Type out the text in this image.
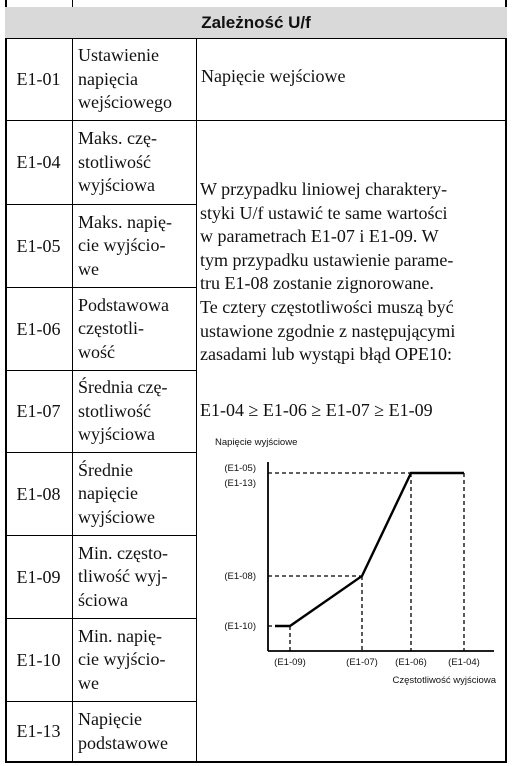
Zależność U/f
E1-01
E1-04
E1-05
E1-06
E1-07
E1-08
E1-09
E1-10
E1-13
Ustawienie
napięcia
wejściowego
Maks. czę-
stotliwość
wyjściowa
Maks. napię-
cie wyjścio-
we
Podstawowa
częstotli-
wość
Średnia czę-
stotliwość
wyjściowa
Średnie
napięcie
wyjściowe
Min. często-
tliwość wyj-
ściowa
Min. napię-
cie wyjścio-
we
Napięcie
podstawowe
Napięcie wejściowe

W przypadku liniowej charaktery-

styki U/f ustawić te same wartości

w parametrach E1-07 i E1-09. W

tym przypadku ustawienie parame-

tru E1-08 zostanie zignorowane.

Te cztery częstotliwości muszą być

ustawione zgodnie z następującymi

zasadami lub wystąpi błąd OPE10:

E1-04 ≥ E1-06 ≥ E1-07 ≥ E1-09
Napięcie wyjściowe
(E1-09)	(E1-07) (E1-06) (E1-04)
(E1-10)
(E1-08)
(E1-13)
(E1-05)
Częstotliwość wyjściowa
